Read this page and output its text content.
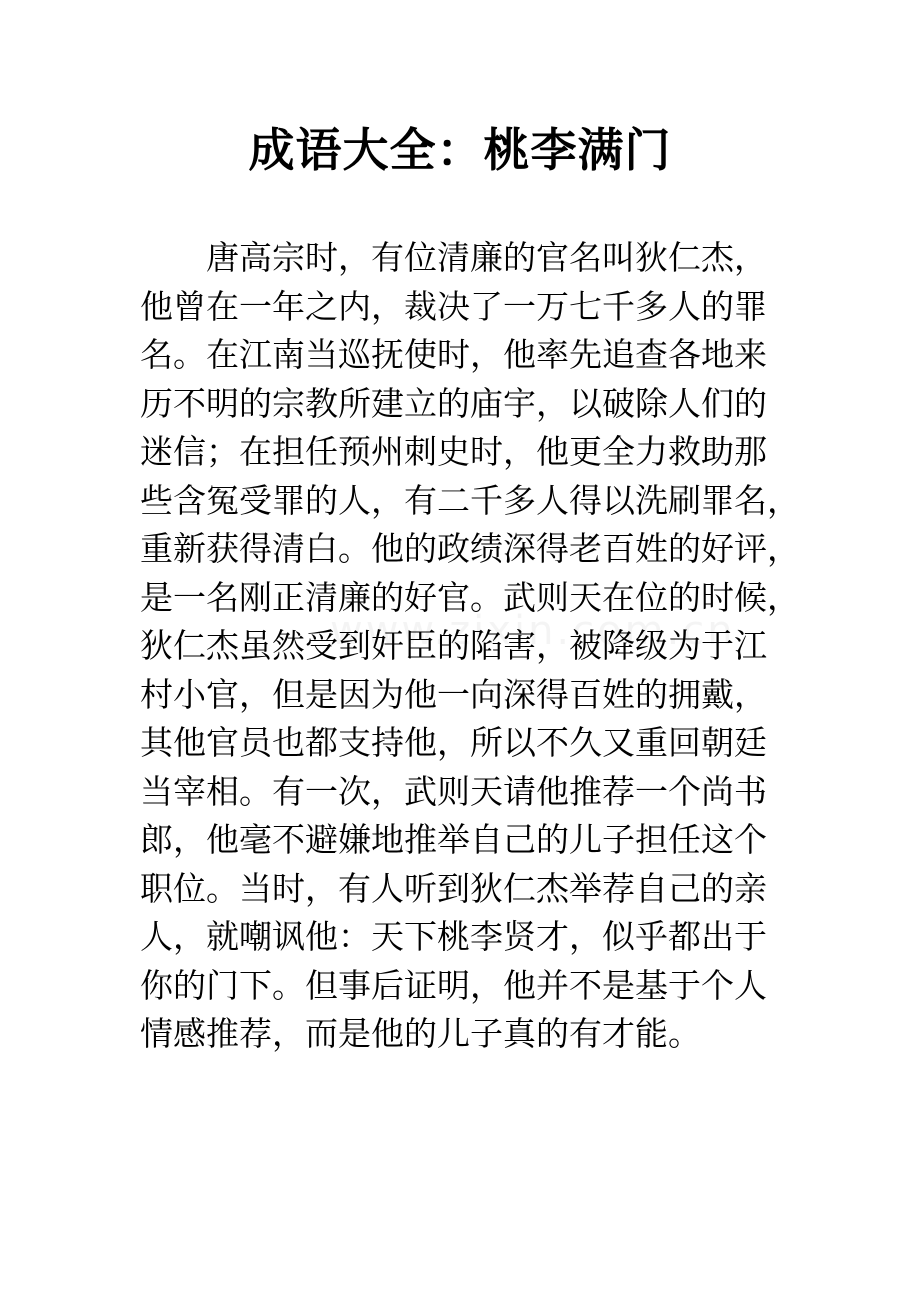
成语大全：桃李满门
唐高宗时，有位清廉的官名叫狄仁杰，
他曾在一年之内，裁决了一万七千多人的罪
名。在江南当巡抚使时，他率先追查各地来
历不明的宗教所建立的庙宇，以破除人们的
迷信；在担任预州刺史时，他更全力救助那
些含冤受罪的人，有二千多人得以洗刷罪名，
重新获得清白。他的政绩深得老百姓的好评，
是一名刚正清廉的好官。武则天在位的时候，
狄仁杰虽然受到奸臣的陷害，被降级为于江
村小官，但是因为他一向深得百姓的拥戴，
其他官员也都支持他，所以不久又重回朝廷
当宰相。有一次，武则天请他推荐一个尚书
郎，他毫不避嫌地推举自己的儿子担任这个
职位。当时，有人听到狄仁杰举荐自己的亲
人，就嘲讽他：天下桃李贤才，似乎都出于
你的门下。但事后证明，他并不是基于个人
情感推荐，而是他的儿子真的有才能。
